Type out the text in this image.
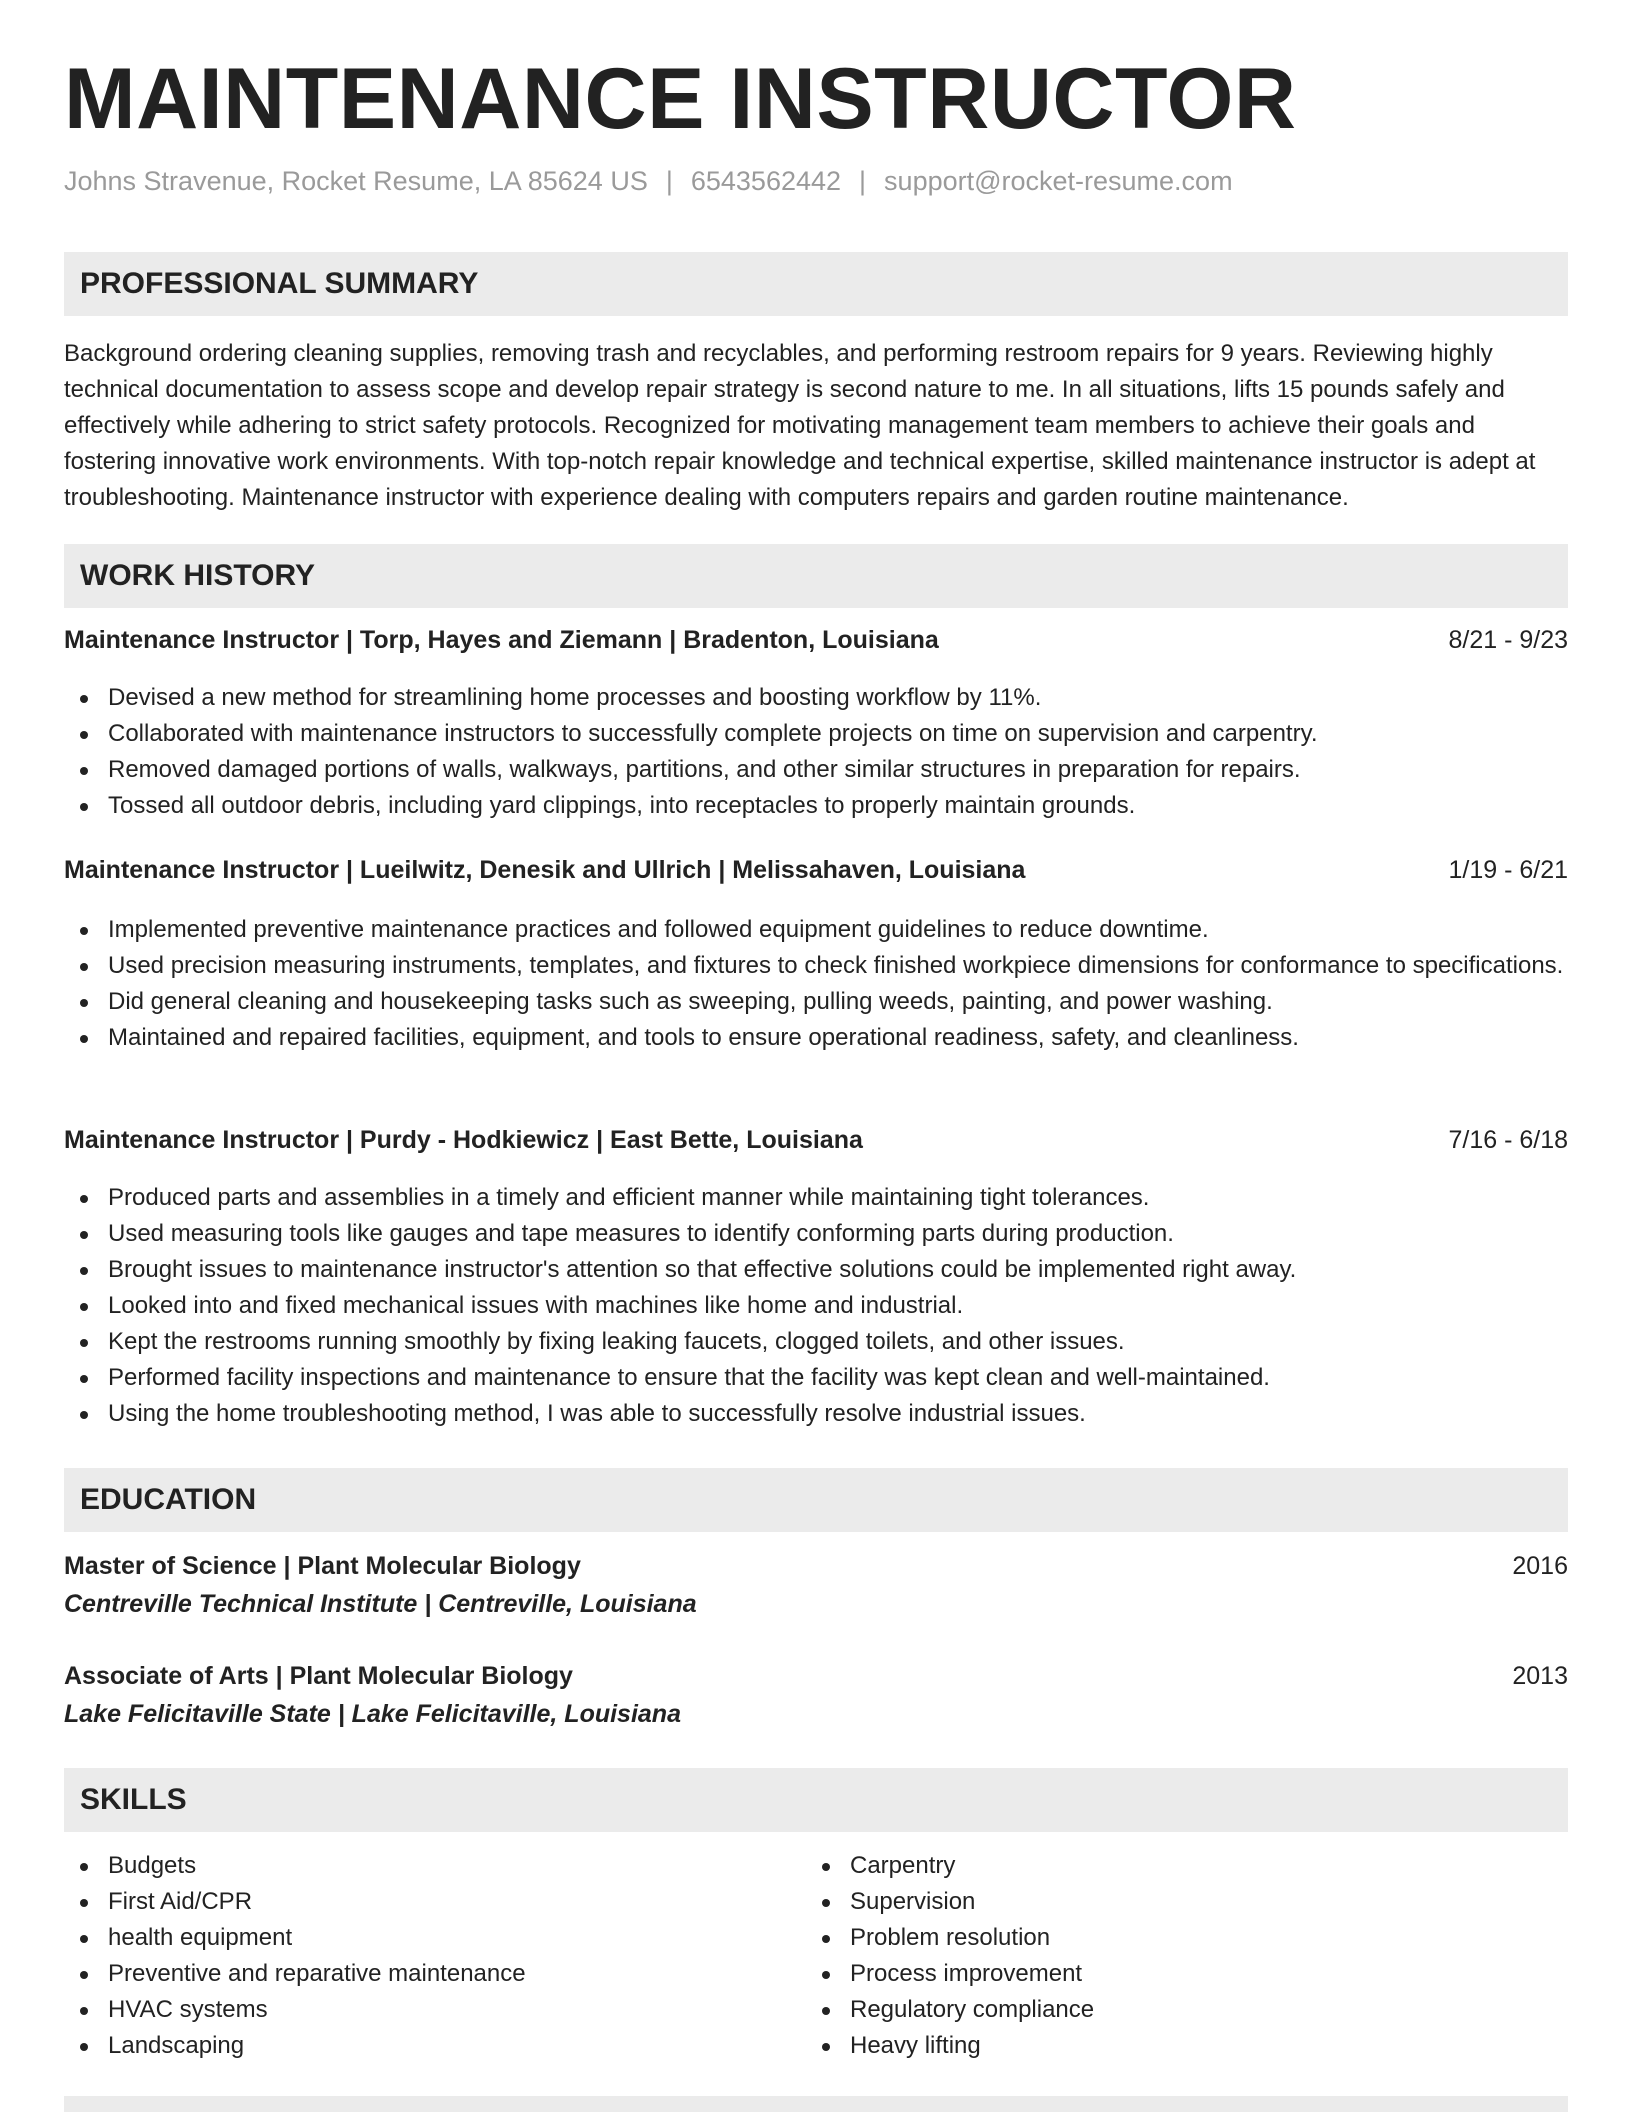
MAINTENANCE INSTRUCTOR
Johns Stravenue, Rocket Resume, LA 85624 US | 6543562442 | support@rocket-resume.com
PROFESSIONAL SUMMARY
Background ordering cleaning supplies, removing trash and recyclables, and performing restroom repairs for 9 years. Reviewing highly technical documentation to assess scope and develop repair strategy is second nature to me. In all situations, lifts 15 pounds safely and effectively while adhering to strict safety protocols. Recognized for motivating management team members to achieve their goals and fostering innovative work environments. With top-notch repair knowledge and technical expertise, skilled maintenance instructor is adept at troubleshooting. Maintenance instructor with experience dealing with computers repairs and garden routine maintenance.
WORK HISTORY
Maintenance Instructor | Torp, Hayes and Ziemann | Bradenton, Louisiana	8/21 - 9/23
Devised a new method for streamlining home processes and boosting workflow by 11%.
Collaborated with maintenance instructors to successfully complete projects on time on supervision and carpentry.
Removed damaged portions of walls, walkways, partitions, and other similar structures in preparation for repairs.
Tossed all outdoor debris, including yard clippings, into receptacles to properly maintain grounds.
Maintenance Instructor | Lueilwitz, Denesik and Ullrich | Melissahaven, Louisiana	1/19 - 6/21
Implemented preventive maintenance practices and followed equipment guidelines to reduce downtime.
Used precision measuring instruments, templates, and fixtures to check finished workpiece dimensions for conformance to specifications.
Did general cleaning and housekeeping tasks such as sweeping, pulling weeds, painting, and power washing.
Maintained and repaired facilities, equipment, and tools to ensure operational readiness, safety, and cleanliness.
Maintenance Instructor | Purdy - Hodkiewicz | East Bette, Louisiana	7/16 - 6/18
Produced parts and assemblies in a timely and efficient manner while maintaining tight tolerances.
Used measuring tools like gauges and tape measures to identify conforming parts during production.
Brought issues to maintenance instructor's attention so that effective solutions could be implemented right away.
Looked into and fixed mechanical issues with machines like home and industrial.
Kept the restrooms running smoothly by fixing leaking faucets, clogged toilets, and other issues.
Performed facility inspections and maintenance to ensure that the facility was kept clean and well-maintained.
Using the home troubleshooting method, I was able to successfully resolve industrial issues.
EDUCATION
Master of Science | Plant Molecular Biology	2016
Centreville Technical Institute | Centreville, Louisiana
Associate of Arts | Plant Molecular Biology	2013
Lake Felicitaville State | Lake Felicitaville, Louisiana
SKILLS
Budgets
First Aid/CPR
health equipment
Preventive and reparative maintenance
HVAC systems
Landscaping
Carpentry
Supervision
Problem resolution
Process improvement
Regulatory compliance
Heavy lifting
